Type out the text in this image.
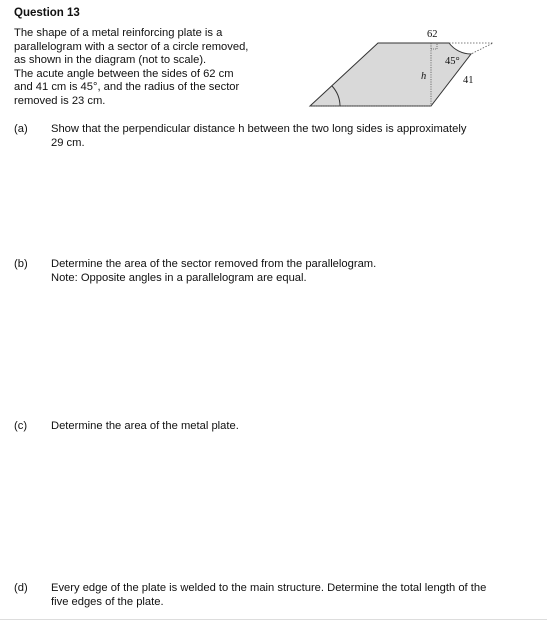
Question 13
The shape of a metal reinforcing plate is a
parallelogram with a sector of a circle removed,
as shown in the diagram (not to scale).
The acute angle between the sides of 62 cm
and 41 cm is 45°, and the radius of the sector
removed is 23 cm.
62
45°
h	41
(a) Show that the perpendicular distance h between the two long sides is approximately
29 cm.
(b) Determine the area of the sector removed from the parallelogram.
Note: Opposite angles in a parallelogram are equal.
(c) Determine the area of the metal plate.
(d) Every edge of the plate is welded to the main structure. Determine the total length of the
five edges of the plate.
